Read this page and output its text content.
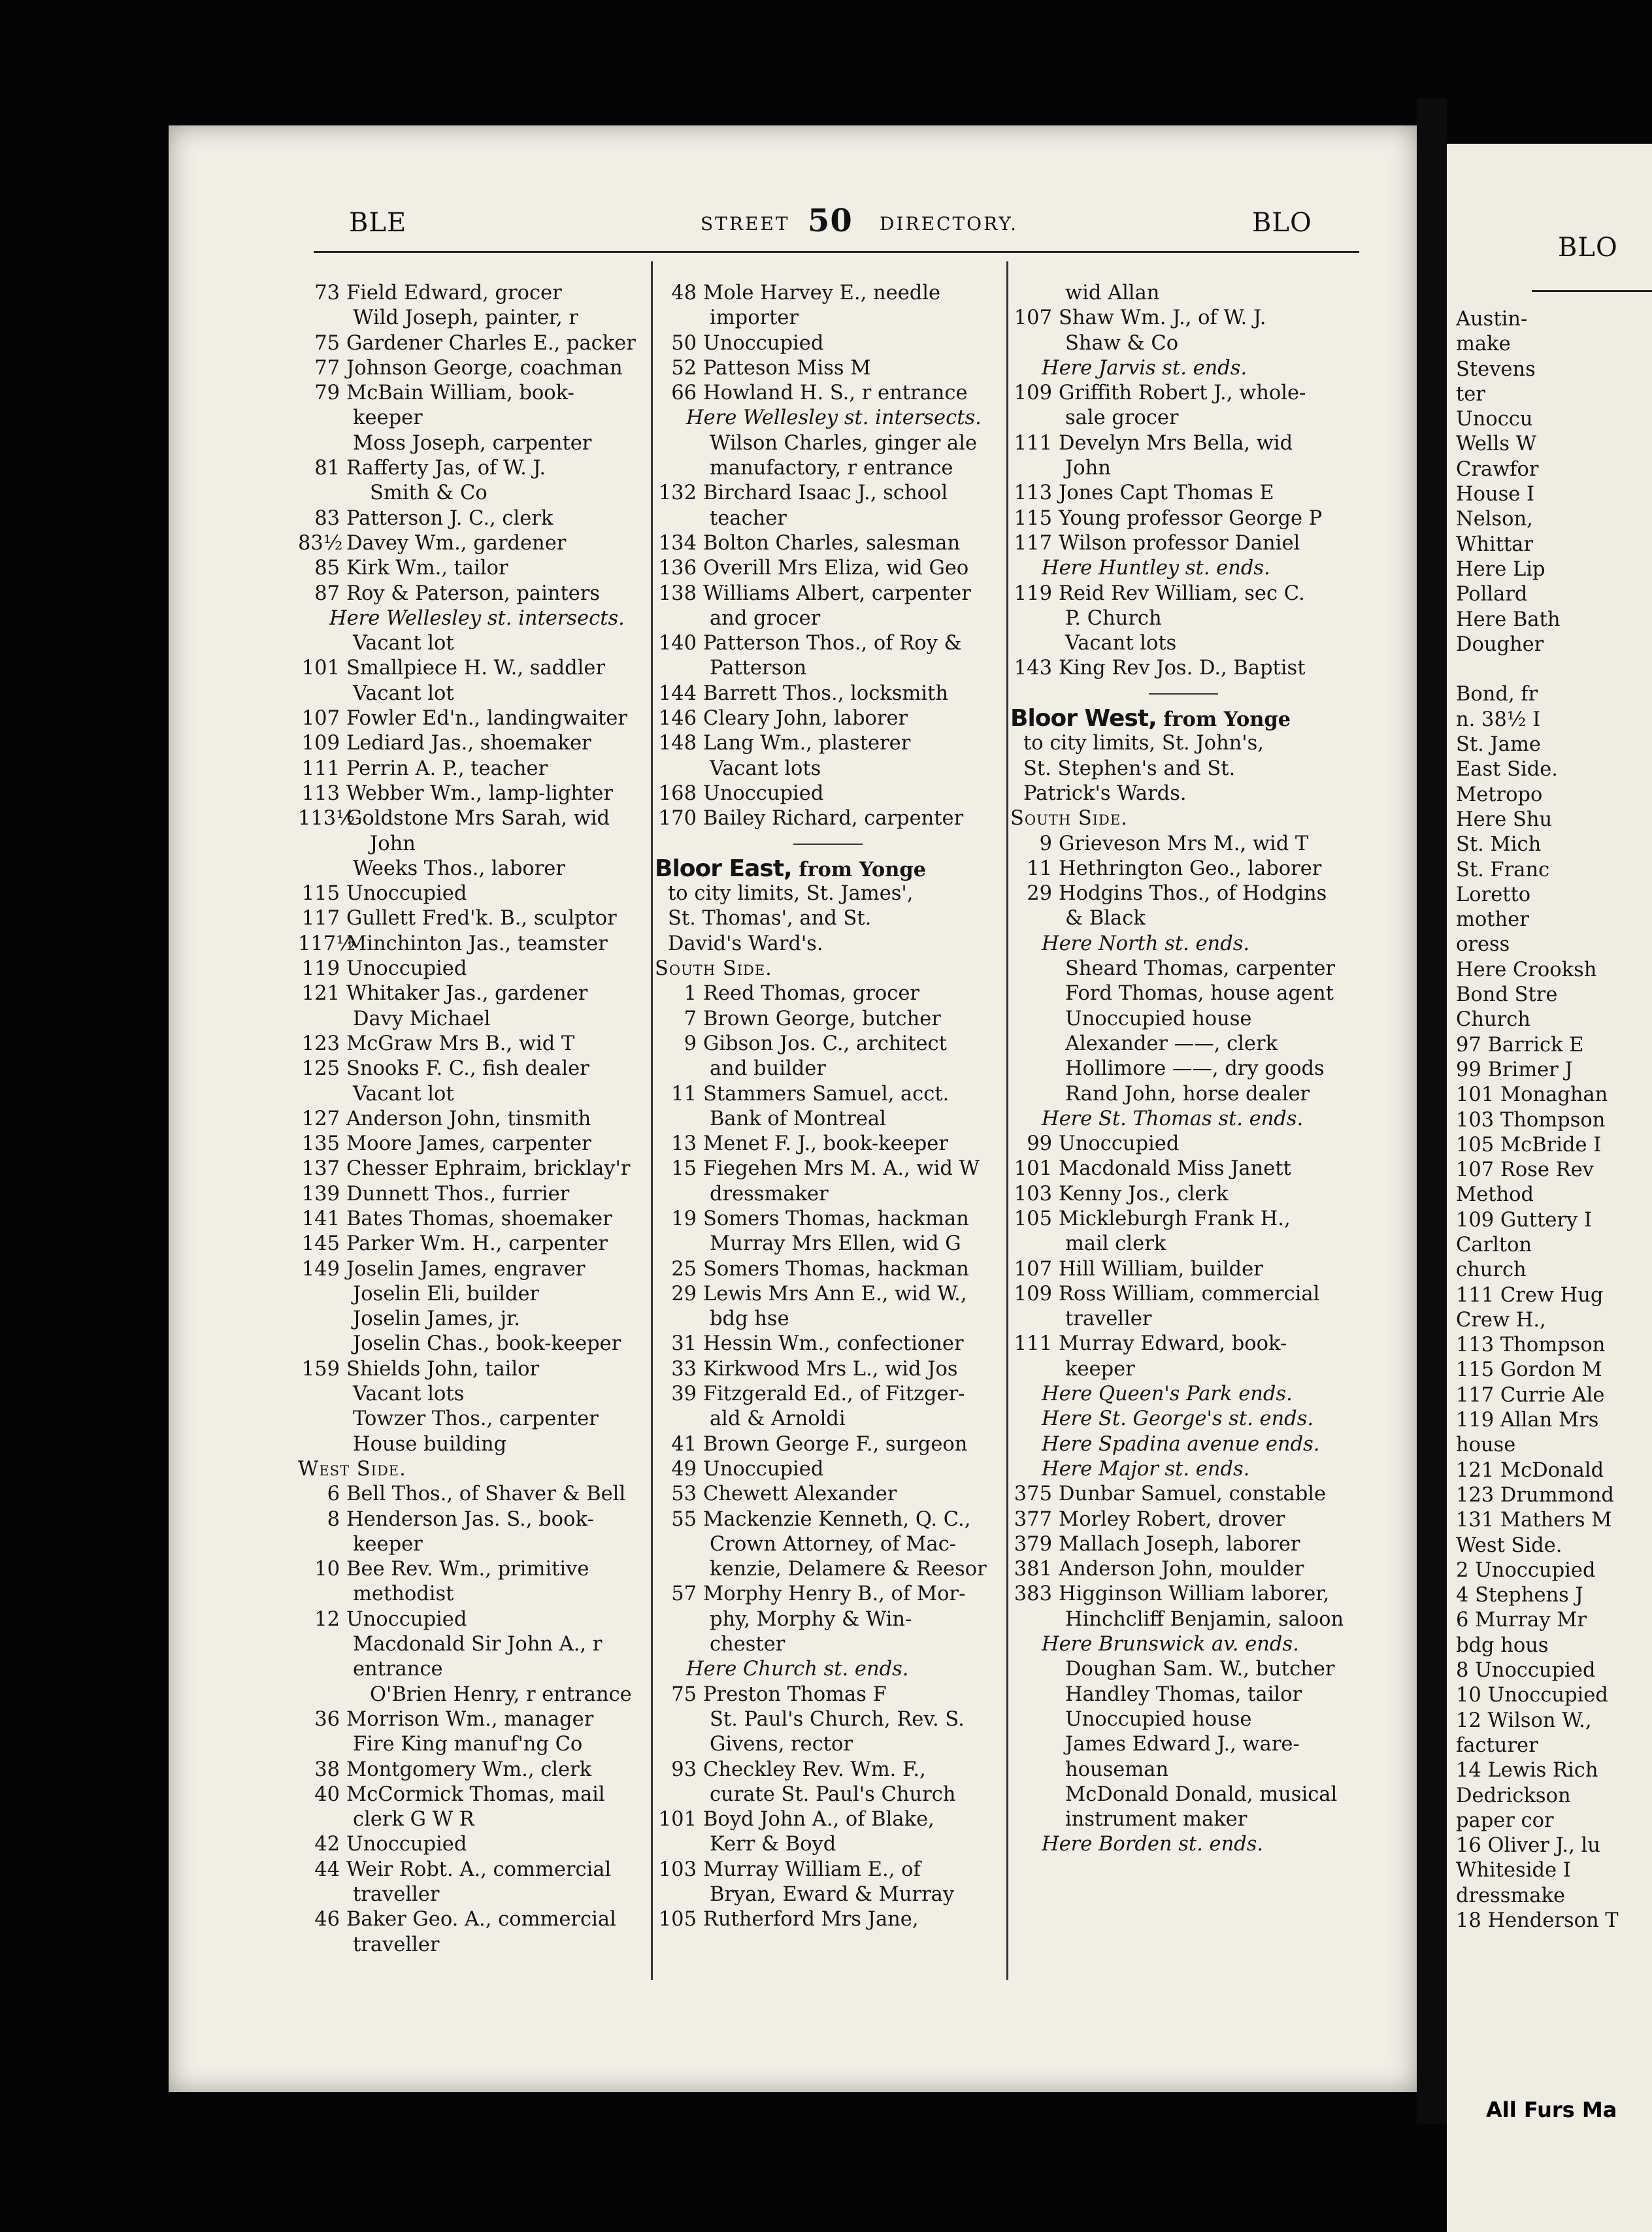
BLE	STREET 50 DIRECTORY.	BLO
73 Field Edward, grocer
Wild Joseph, painter, r
75 Gardener Charles E., packer
77 Johnson George, coachman
79 McBain William, book-
keeper
Moss Joseph, carpenter
81 Rafferty Jas, of W. J.
Smith & Co
83 Patterson J. C., clerk
83½ Davey Wm., gardener
85 Kirk Wm., tailor
87 Roy & Paterson, painters
Here Wellesley st. intersects.
Vacant lot
101 Smallpiece H. W., saddler
Vacant lot
107 Fowler Ed'n., landingwaiter
109 Lediard Jas., shoemaker
111 Perrin A. P., teacher
113 Webber Wm., lamp-lighter
113½Goldstone Mrs Sarah, wid
John
Weeks Thos., laborer
115 Unoccupied
117 Gullett Fred'k. B., sculptor
117½Minchinton Jas., teamster
119 Unoccupied
121 Whitaker Jas., gardener
Davy Michael
123 McGraw Mrs B., wid T
125 Snooks F. C., fish dealer
Vacant lot
127 Anderson John, tinsmith
135 Moore James, carpenter
137 Chesser Ephraim, bricklay'r
139 Dunnett Thos., furrier
141 Bates Thomas, shoemaker
145 Parker Wm. H., carpenter
149 Joselin James, engraver
Joselin Eli, builder
Joselin James, jr.
Joselin Chas., book-keeper
159 Shields John, tailor
Vacant lots
Towzer Thos., carpenter
House building
West Side.
6 Bell Thos., of Shaver & Bell
8 Henderson Jas. S., book-
keeper
10 Bee Rev. Wm., primitive
methodist
12 Unoccupied
Macdonald Sir John A., r
entrance
O'Brien Henry, r entrance
36 Morrison Wm., manager
Fire King manuf'ng Co
38 Montgomery Wm., clerk
40 McCormick Thomas, mail
clerk G W R
42 Unoccupied
44 Weir Robt. A., commercial
traveller
46 Baker Geo. A., commercial
traveller
48 Mole Harvey E., needle
importer
50 Unoccupied
52 Patteson Miss M
66 Howland H. S., r entrance
Here Wellesley st. intersects.
Wilson Charles, ginger ale
manufactory, r entrance
132 Birchard Isaac J., school
teacher
134 Bolton Charles, salesman
136 Overill Mrs Eliza, wid Geo
138 Williams Albert, carpenter
and grocer
140 Patterson Thos., of Roy &
Patterson
144 Barrett Thos., locksmith
146 Cleary John, laborer
148 Lang Wm., plasterer
Vacant lots
168 Unoccupied
170 Bailey Richard, carpenter
Bloor East, from Yonge
to city limits, St. James',
St. Thomas', and St.
David's Ward's.
South Side.
1 Reed Thomas, grocer
7 Brown George, butcher
9 Gibson Jos. C., architect
and builder
11 Stammers Samuel, acct.
Bank of Montreal
13 Menet F. J., book-keeper
15 Fiegehen Mrs M. A., wid W
dressmaker
19 Somers Thomas, hackman
Murray Mrs Ellen, wid G
25 Somers Thomas, hackman
29 Lewis Mrs Ann E., wid W.,
bdg hse
31 Hessin Wm., confectioner
33 Kirkwood Mrs L., wid Jos
39 Fitzgerald Ed., of Fitzger-
ald & Arnoldi
41 Brown George F., surgeon
49 Unoccupied
53 Chewett Alexander
55 Mackenzie Kenneth, Q. C.,
Crown Attorney, of Mac-
kenzie, Delamere & Reesor
57 Morphy Henry B., of Mor-
phy, Morphy & Win-
chester
Here Church st. ends.
75 Preston Thomas F
St. Paul's Church, Rev. S.
Givens, rector
93 Checkley Rev. Wm. F.,
curate St. Paul's Church
101 Boyd John A., of Blake,
Kerr & Boyd
103 Murray William E., of
Bryan, Eward & Murray
105 Rutherford Mrs Jane,
wid Allan
107 Shaw Wm. J., of W. J.
Shaw & Co
Here Jarvis st. ends.
109 Griffith Robert J., whole-
sale grocer
111 Develyn Mrs Bella, wid
John
113 Jones Capt Thomas E
115 Young professor George P
117 Wilson professor Daniel
Here Huntley st. ends.
119 Reid Rev William, sec C.
P. Church
Vacant lots
143 King Rev Jos. D., Baptist
Bloor West, from Yonge
to city limits, St. John's,
St. Stephen's and St.
Patrick's Wards.
South Side.
9 Grieveson Mrs M., wid T
11 Hethrington Geo., laborer
29 Hodgins Thos., of Hodgins
& Black
Here North st. ends.
Sheard Thomas, carpenter
Ford Thomas, house agent
Unoccupied house
Alexander ——, clerk
Hollimore ——, dry goods
Rand John, horse dealer
Here St. Thomas st. ends.
99 Unoccupied
101 Macdonald Miss Janett
103 Kenny Jos., clerk
105 Mickleburgh Frank H.,
mail clerk
107 Hill William, builder
109 Ross William, commercial
traveller
111 Murray Edward, book-
keeper
Here Queen's Park ends.
Here St. George's st. ends.
Here Spadina avenue ends.
Here Major st. ends.
375 Dunbar Samuel, constable
377 Morley Robert, drover
379 Mallach Joseph, laborer
381 Anderson John, moulder
383 Higginson William laborer,
Hinchcliff Benjamin, saloon
Here Brunswick av. ends.
Doughan Sam. W., butcher
Handley Thomas, tailor
Unoccupied house
James Edward J., ware-
houseman
McDonald Donald, musical
instrument maker
Here Borden st. ends.
BLO
Austin-
make
Stevens
ter
Unoccu
Wells W
Crawfor
House I
Nelson,
Whittar
Here Lip
Pollard
Here Bath
Dougher
Bond, fr
n. 38½ I
St. Jame
East Side.
Metropo
Here Shu
St. Mich
St. Franc
Loretto
mother
oress
Here Crooksh
Bond Stre
Church
97 Barrick E
99 Brimer J
101 Monaghan
103 Thompson
105 McBride I
107 Rose Rev
Method
109 Guttery I
Carlton
church
111 Crew Hug
Crew H.,
113 Thompson
115 Gordon M
117 Currie Ale
119 Allan Mrs
house
121 McDonald
123 Drummond
131 Mathers M
West Side.
2 Unoccupied
4 Stephens J
6 Murray Mr
bdg hous
8 Unoccupied
10 Unoccupied
12 Wilson W.,
facturer
14 Lewis Rich
Dedrickson
paper cor
16 Oliver J., lu
Whiteside I
dressmake
18 Henderson T
All Furs Ma
